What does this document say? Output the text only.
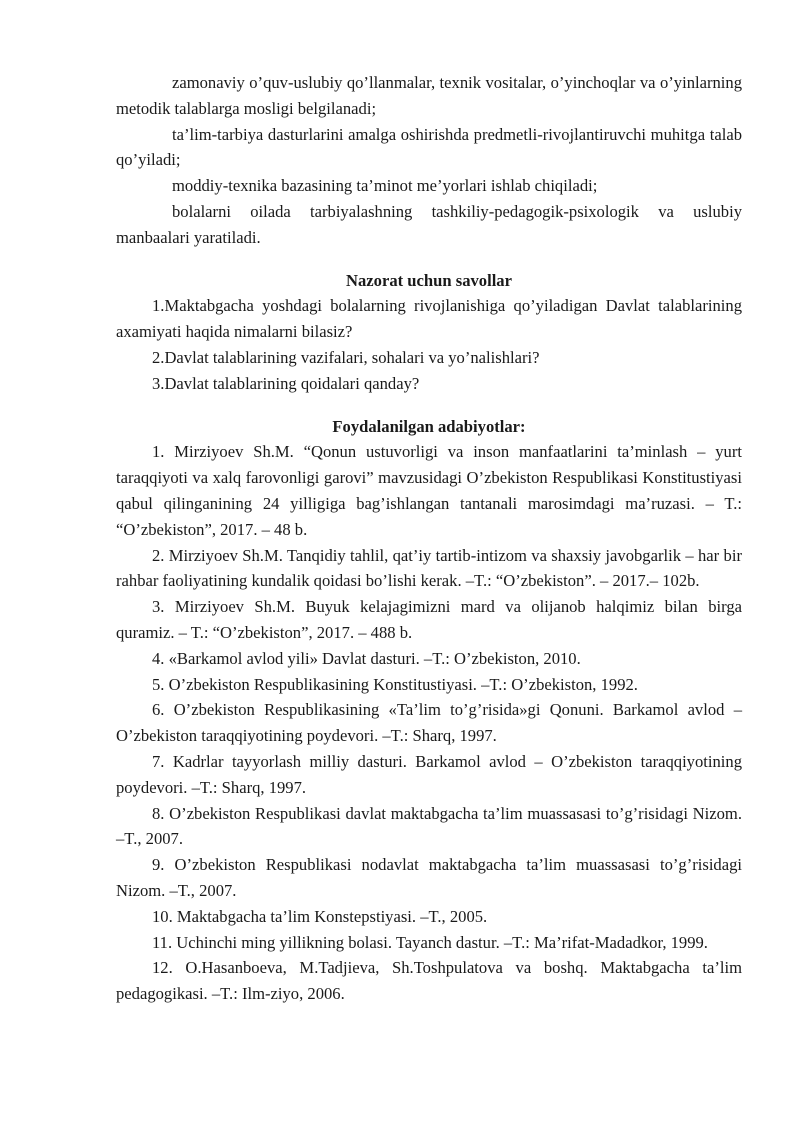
zamonaviy o’quv-uslubiy qo’llanmalar, texnik vositalar, o’yinchoqlar va o’yinlarning metodik talablarga mosligi belgilanadi;

ta’lim-tarbiya dasturlarini amalga oshirishda predmetli-rivojlantiruvchi muhitga talab qo’yiladi;

moddiy-texnika bazasining ta’minot me’yorlari ishlab chiqiladi;

bolalarni oilada tarbiyalashning tashkiliy-pedagogik-psixologik va uslubiy manbaalari yaratiladi.

Nazorat uchun savollar

1.Maktabgacha yoshdagi bolalarning rivojlanishiga qo’yiladigan Davlat talablarining axamiyati haqida nimalarni bilasiz?

2.Davlat talablarining vazifalari, sohalari va yo’nalishlari?

3.Davlat talablarining qoidalari qanday?

Foydalanilgan adabiyotlar:

1. Mirziyoev Sh.M. “Qonun ustuvorligi va inson manfaatlarini ta’minlash – yurt taraqqiyoti va xalq farovonligi garovi” mavzusidagi O’zbekiston Respublikasi Konstitustiyasi qabul qilinganining 24 yilligiga bag’ishlangan tantanali marosimdagi ma’ruzasi. – T.: “O’zbekiston”, 2017. – 48 b.

2. Mirziyoev Sh.M. Tanqidiy tahlil, qat’iy tartib-intizom va shaxsiy javobgarlik – har bir rahbar faoliyatining kundalik qoidasi bo’lishi kerak. –T.: “O’zbekiston”. – 2017.– 102b.

3. Mirziyoev Sh.M. Buyuk kelajagimizni mard va olijanob halqimiz bilan birga quramiz. – T.: “O’zbekiston”, 2017. – 488 b.

4. «Barkamol avlod yili» Davlat dasturi. –T.: O’zbekiston, 2010.

5. O’zbekiston Respublikasining Konstitustiyasi. –T.: O’zbekiston, 1992.

6. O’zbekiston Respublikasining «Ta’lim to’g’risida»gi Qonuni. Barkamol avlod – O’zbekiston taraqqiyotining poydevori. –T.: Sharq, 1997.

7. Kadrlar tayyorlash milliy dasturi. Barkamol avlod – O’zbekiston taraqqiyotining poydevori. –T.: Sharq, 1997.

8. O’zbekiston Respublikasi davlat maktabgacha ta’lim muassasasi to’g’risidagi Nizom. –T., 2007.

9. O’zbekiston Respublikasi nodavlat maktabgacha ta’lim muassasasi to’g’risidagi Nizom. –T., 2007.

10. Maktabgacha ta’lim Konstepstiyasi. –T., 2005.

11. Uchinchi ming yillikning bolasi. Tayanch dastur. –T.: Ma’rifat-Madadkor, 1999.

12. O.Hasanboeva, M.Tadjieva, Sh.Toshpulatova va boshq. Maktabgacha ta’lim pedagogikasi. –T.: Ilm-ziyo, 2006.
